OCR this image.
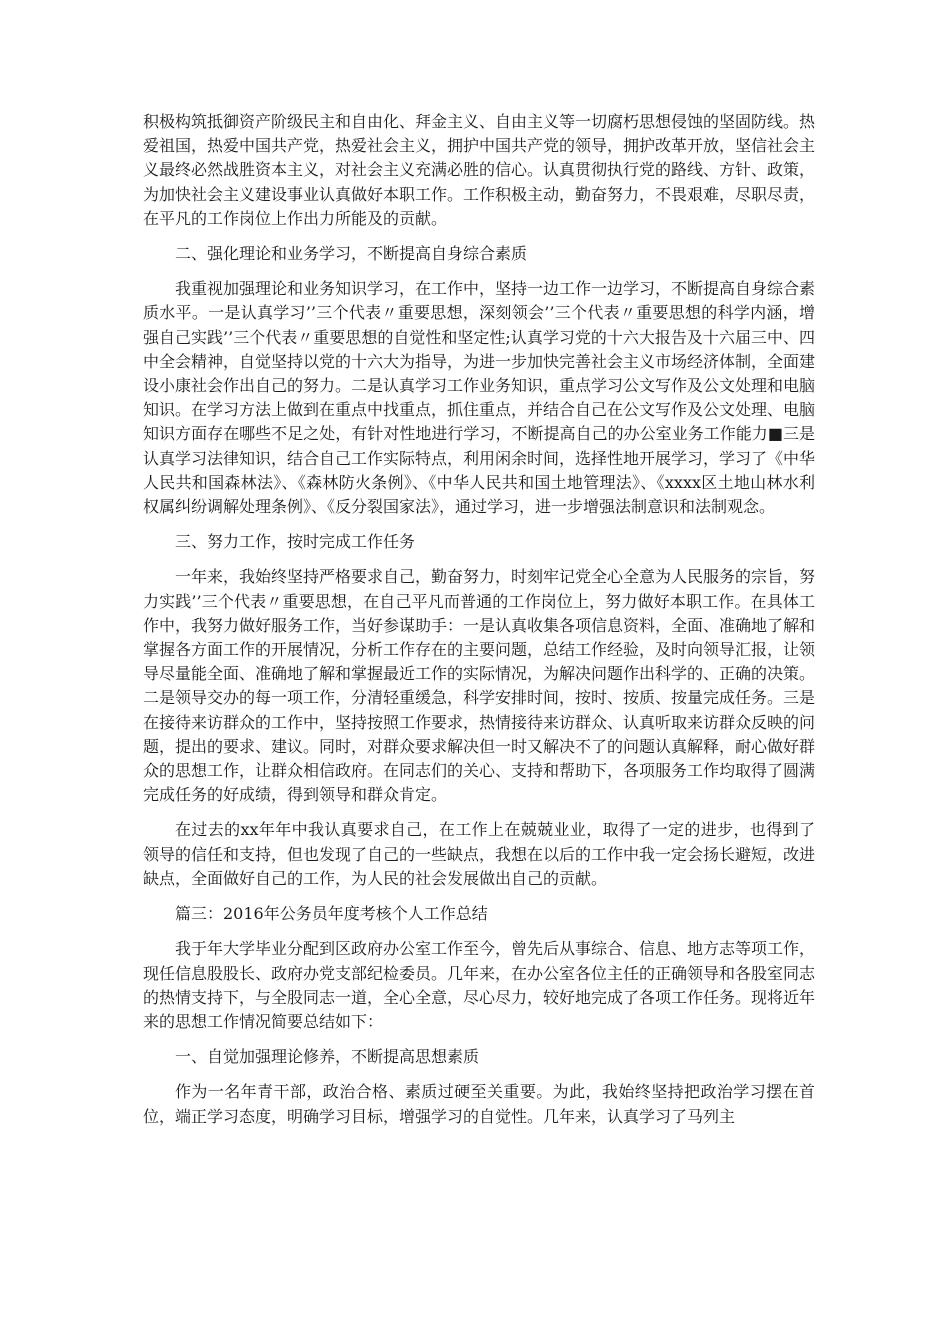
积极构筑抵御资产阶级民主和自由化、拜金主义、自由主义等一切腐朽思想侵蚀的坚固防线。热爱祖国，热爱中国共产党，热爱社会主义，拥护中国共产党的领导，拥护改革开放，坚信社会主义最终必然战胜资本主义，对社会主义充满必胜的信心。认真贯彻执行党的路线、方针、政策，为加快社会主义建设事业认真做好本职工作。工作积极主动，勤奋努力，不畏艰难，尽职尽责，在平凡的工作岗位上作出力所能及的贡献。

二、强化理论和业务学习，不断提高自身综合素质

我重视加强理论和业务知识学习，在工作中，坚持一边工作一边学习，不断提高自身综合素质水平。一是认真学习’’三个代表〃重要思想，深刻领会’’三个代表〃重要思想的科学内涵，增强自己实践’’三个代表〃重要思想的自觉性和坚定性;认真学习党的十六大报告及十六届三中、四中全会精神，自觉坚持以党的十六大为指导，为进一步加快完善社会主义市场经济体制，全面建设小康社会作出自己的努力。二是认真学习工作业务知识，重点学习公文写作及公文处理和电脑知识。在学习方法上做到在重点中找重点，抓住重点，并结合自己在公文写作及公文处理、电脑知识方面存在哪些不足之处，有针对性地进行学习，不断提高自己的办公室业务工作能力■三是认真学习法律知识，结合自己工作实际特点，利用闲余时间，选择性地开展学习，学习了《中华人民共和国森林法》、《森林防火条例》、《中华人民共和国土地管理法》、《xxxx区土地山林水利权属纠纷调解处理条例》、《反分裂国家法》，通过学习，进一步增强法制意识和法制观念。

三、努力工作，按时完成工作任务

一年来，我始终坚持严格要求自己，勤奋努力，时刻牢记党全心全意为人民服务的宗旨，努力实践’’三个代表〃重要思想，在自己平凡而普通的工作岗位上，努力做好本职工作。在具体工作中，我努力做好服务工作，当好参谋助手：一是认真收集各项信息资料，全面、准确地了解和掌握各方面工作的开展情况，分析工作存在的主要问题，总结工作经验，及时向领导汇报，让领导尽量能全面、准确地了解和掌握最近工作的实际情况，为解决问题作出科学的、正确的决策。二是领导交办的每一项工作，分清轻重缓急，科学安排时间，按时、按质、按量完成任务。三是在接待来访群众的工作中，坚持按照工作要求，热情接待来访群众、认真听取来访群众反映的问题，提出的要求、建议。同时，对群众要求解决但一时又解决不了的问题认真解释，耐心做好群众的思想工作，让群众相信政府。在同志们的关心、支持和帮助下，各项服务工作均取得了圆满完成任务的好成绩，得到领导和群众肯定。

在过去的xx年年中我认真要求自己，在工作上在兢兢业业，取得了一定的进步，也得到了领导的信任和支持，但也发现了自己的一些缺点，我想在以后的工作中我一定会扬长避短，改进缺点，全面做好自己的工作，为人民的社会发展做出自己的贡献。

篇三：2016年公务员年度考核个人工作总结

我于年大学毕业分配到区政府办公室工作至今，曾先后从事综合、信息、地方志等项工作，现任信息股股长、政府办党支部纪检委员。几年来，在办公室各位主任的正确领导和各股室同志的热情支持下，与全股同志一道，全心全意，尽心尽力，较好地完成了各项工作任务。现将近年来的思想工作情况简要总结如下：

一、自觉加强理论修养，不断提高思想素质

作为一名年青干部，政治合格、素质过硬至关重要。为此，我始终坚持把政治学习摆在首位，端正学习态度，明确学习目标，增强学习的自觉性。几年来，认真学习了马列主
